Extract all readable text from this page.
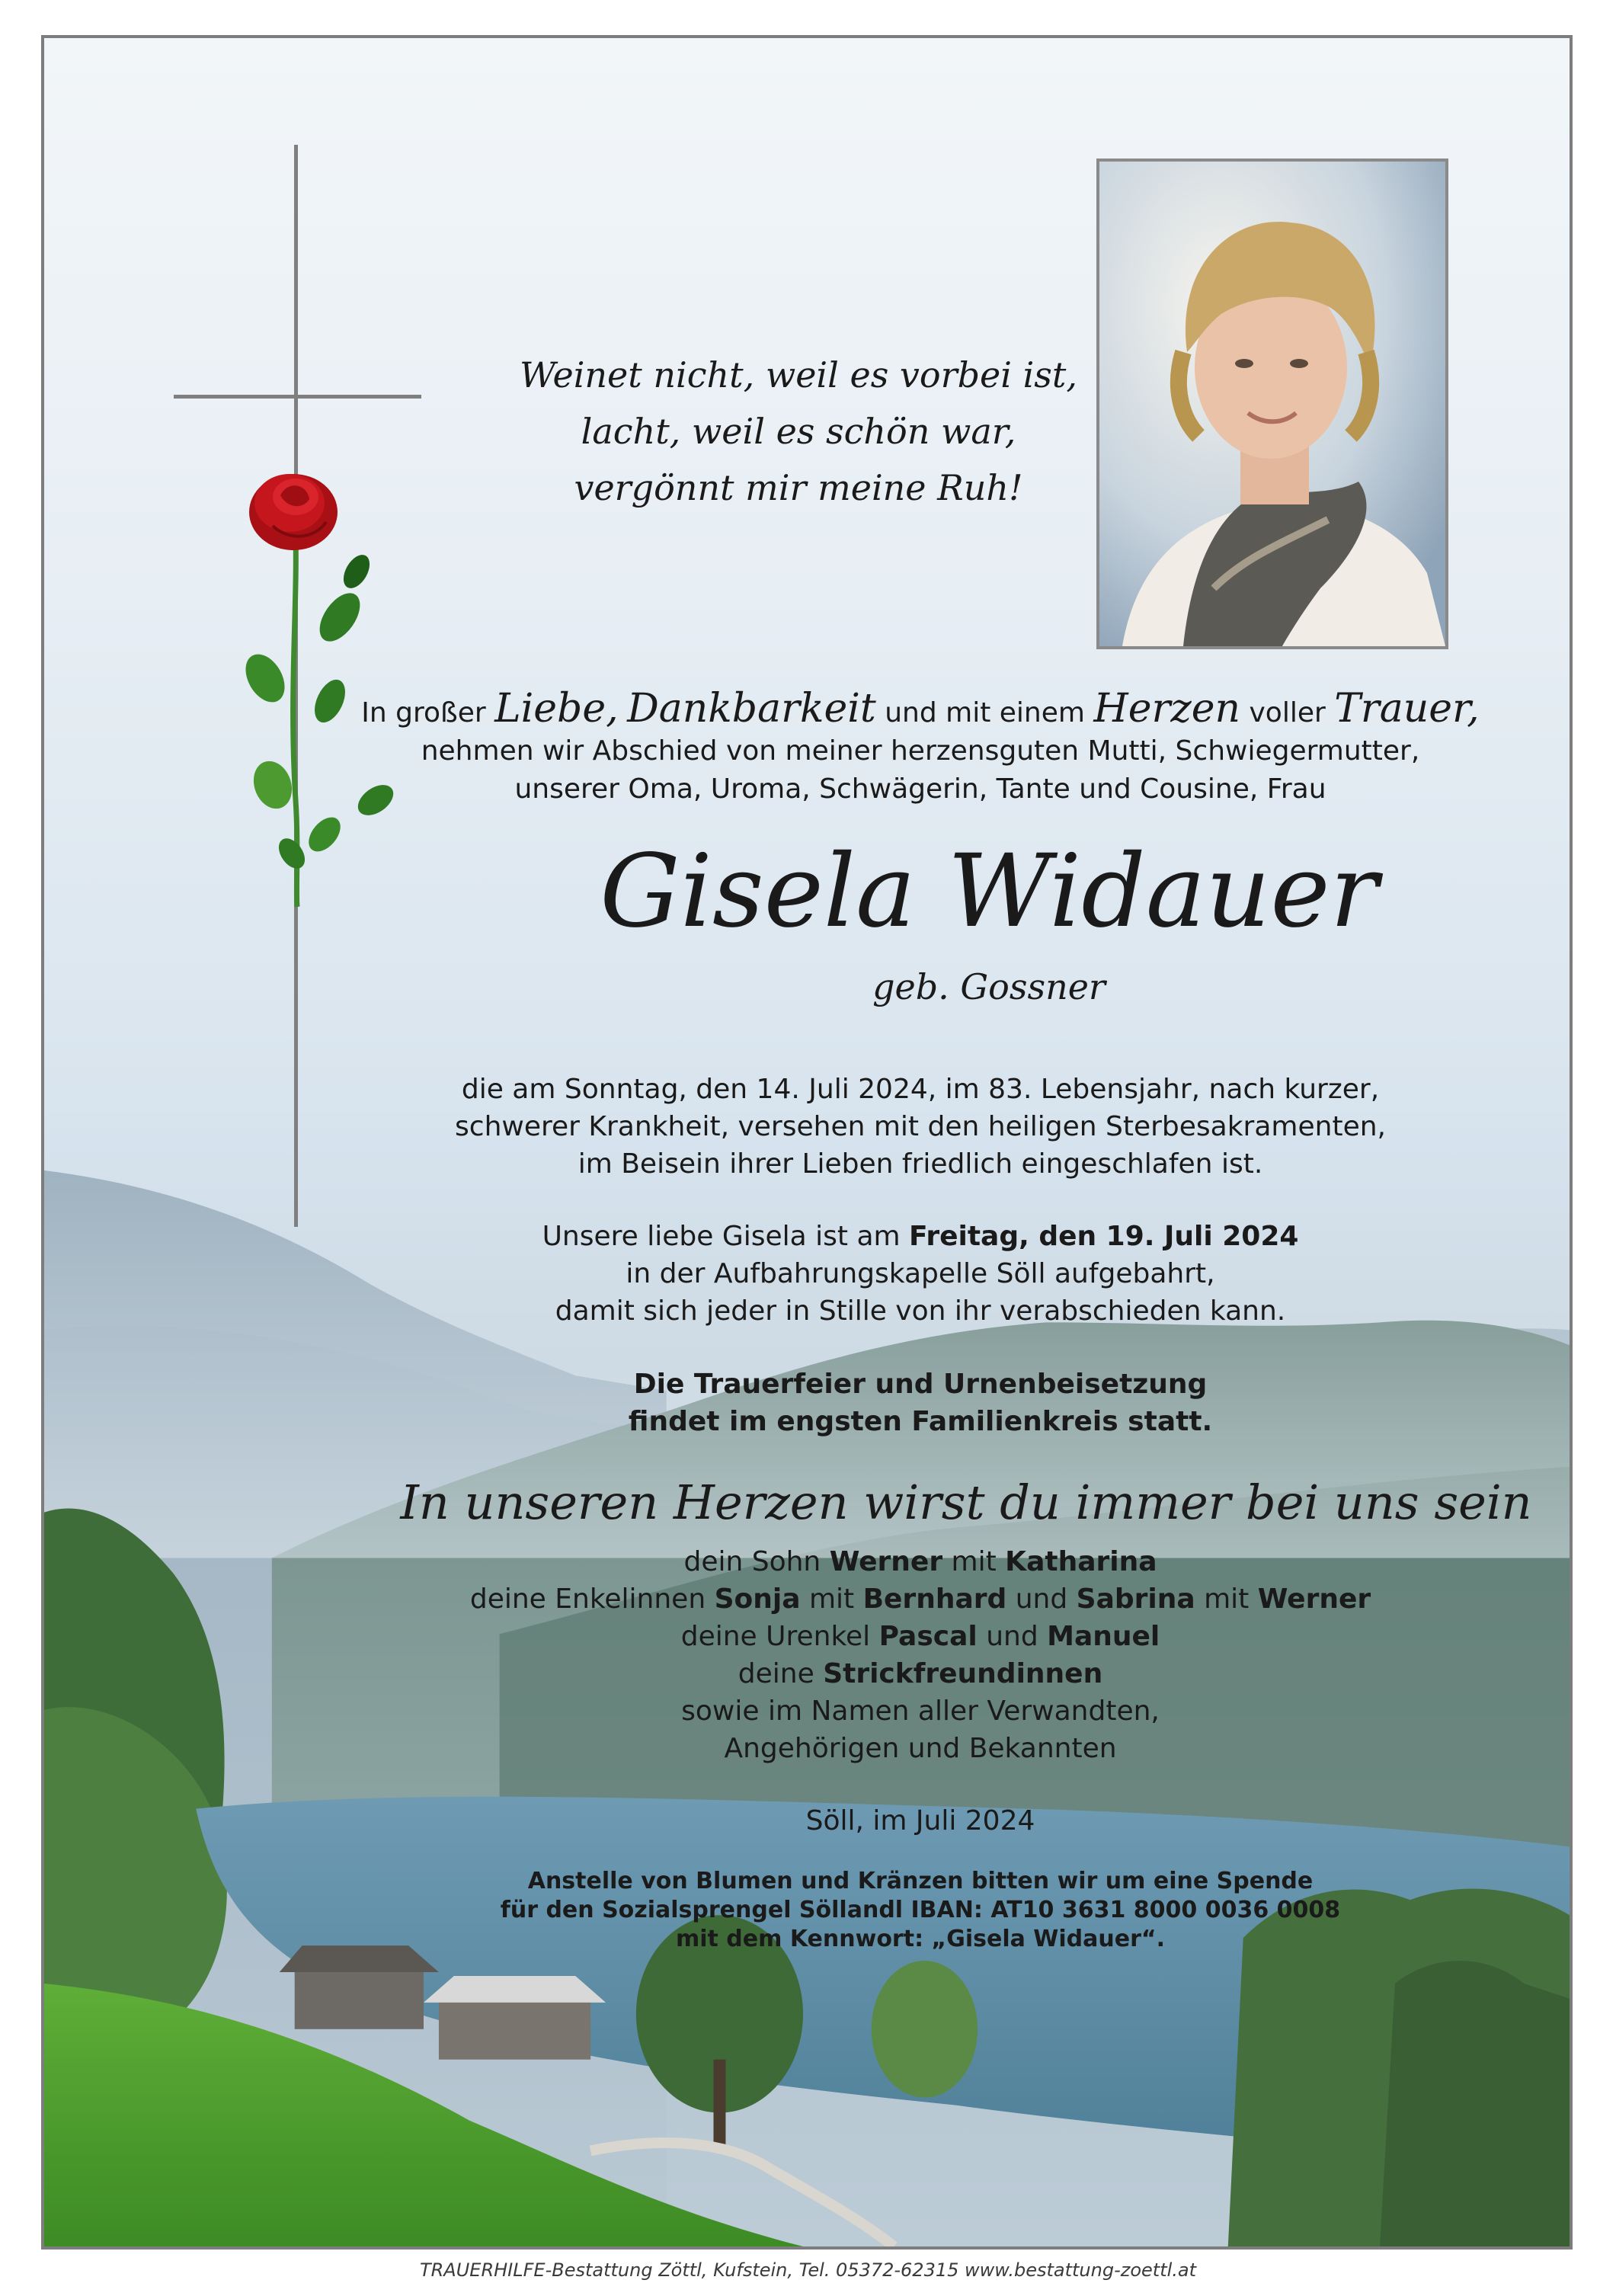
Weinet nicht, weil es vorbei ist,
lacht, weil es schön war,
vergönnt mir meine Ruh!
In großer Liebe, Dankbarkeit und mit einem Herzen voller Trauer,
nehmen wir Abschied von meiner herzensguten Mutti, Schwiegermutter,
unserer Oma, Uroma, Schwägerin, Tante und Cousine, Frau
Gisela Widauer
geb. Gossner
die am Sonntag, den 14. Juli 2024, im 83. Lebensjahr, nach kurzer,
schwerer Krankheit, versehen mit den heiligen Sterbesakramenten,
im Beisein ihrer Lieben friedlich eingeschlafen ist.
Unsere liebe Gisela ist am Freitag, den 19. Juli 2024
in der Aufbahrungskapelle Söll aufgebahrt,
damit sich jeder in Stille von ihr verabschieden kann.
Die Trauerfeier und Urnenbeisetzung
findet im engsten Familienkreis statt.
In unseren Herzen wirst du immer bei uns sein
dein Sohn Werner mit Katharina
deine Enkelinnen Sonja mit Bernhard und Sabrina mit Werner
deine Urenkel Pascal und Manuel
deine Strickfreundinnen
sowie im Namen aller Verwandten,
Angehörigen und Bekannten
Söll, im Juli 2024
Anstelle von Blumen und Kränzen bitten wir um eine Spende
für den Sozialsprengel Söllandl IBAN: AT10 3631 8000 0036 0008
mit dem Kennwort: „Gisela Widauer“.
TRAUERHILFE-Bestattung Zöttl, Kufstein, Tel. 05372-62315 www.bestattung-zoettl.at
